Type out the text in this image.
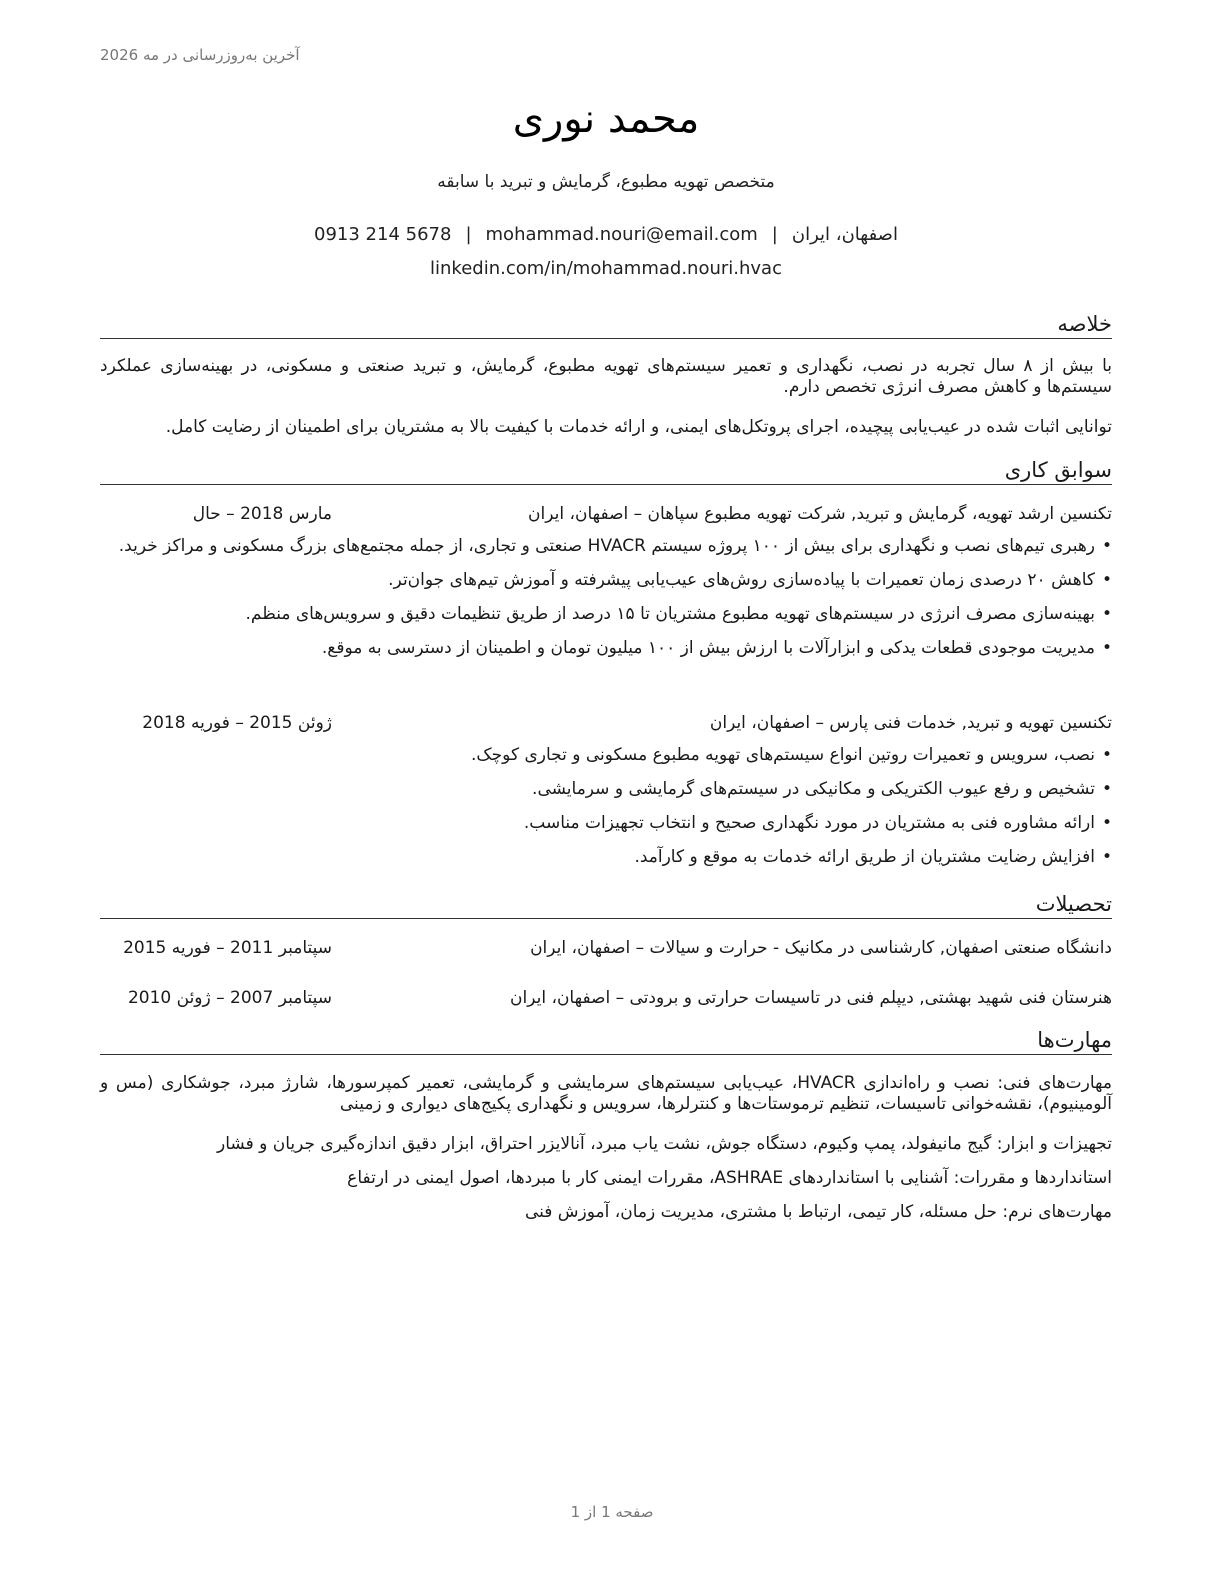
آخرین به‌روزرسانی در مه 2026
محمد نوری
متخصص تهویه مطبوع، گرمایش و تبرید با سابقه
اصفهان، ایران|mohammad.nouri@email.com|0913 214 5678
linkedin.com/in/mohammad.nouri.hvac
خلاصه
با بیش از ۸ سال تجربه در نصب، نگهداری و تعمیر سیستم‌های تهویه مطبوع، گرمایش، و تبرید صنعتی و مسکونی، در بهینه‌سازی عملکرد سیستم‌ها و کاهش مصرف انرژی تخصص دارم.
توانایی اثبات شده در عیب‌یابی پیچیده، اجرای پروتکل‌های ایمنی، و ارائه خدمات با کیفیت بالا به مشتریان برای اطمینان از رضایت کامل.
سوابق کاری
تکنسین ارشد تهویه، گرمایش و تبرید, شرکت تهویه مطبوع سپاهان – اصفهان، ایران
مارس 2018 – حال
• رهبری تیم‌های نصب و نگهداری برای بیش از ۱۰۰ پروژه سیستم HVACR صنعتی و تجاری، از جمله مجتمع‌های بزرگ مسکونی و مراکز خرید.
• کاهش ۲۰ درصدی زمان تعمیرات با پیاده‌سازی روش‌های عیب‌یابی پیشرفته و آموزش تیم‌های جوان‌تر.
• بهینه‌سازی مصرف انرژی در سیستم‌های تهویه مطبوع مشتریان تا ۱۵ درصد از طریق تنظیمات دقیق و سرویس‌های منظم.
• مدیریت موجودی قطعات یدکی و ابزارآلات با ارزش بیش از ۱۰۰ میلیون تومان و اطمینان از دسترسی به موقع.
تکنسین تهویه و تبرید, خدمات فنی پارس – اصفهان، ایران
ژوئن 2015 – فوریه 2018
• نصب، سرویس و تعمیرات روتین انواع سیستم‌های تهویه مطبوع مسکونی و تجاری کوچک.
• تشخیص و رفع عیوب الکتریکی و مکانیکی در سیستم‌های گرمایشی و سرمایشی.
• ارائه مشاوره فنی به مشتریان در مورد نگهداری صحیح و انتخاب تجهیزات مناسب.
• افزایش رضایت مشتریان از طریق ارائه خدمات به موقع و کارآمد.
تحصیلات
دانشگاه صنعتی اصفهان, کارشناسی در مکانیک - حرارت و سیالات – اصفهان، ایران
سپتامبر 2011 – فوریه 2015
هنرستان فنی شهید بهشتی, دیپلم فنی در تاسیسات حرارتی و برودتی – اصفهان، ایران
سپتامبر 2007 – ژوئن 2010
مهارت‌ها
مهارت‌های فنی: نصب و راه‌اندازی HVACR، عیب‌یابی سیستم‌های سرمایشی و گرمایشی، تعمیر کمپرسورها، شارژ مبرد، جوشکاری (مس و آلومینیوم)، نقشه‌خوانی تاسیسات، تنظیم ترموستات‌ها و کنترلرها، سرویس و نگهداری پکیج‌های دیواری و زمینی
تجهیزات و ابزار: گیج مانیفولد، پمپ وکیوم، دستگاه جوش، نشت یاب مبرد، آنالایزر احتراق، ابزار دقیق اندازه‌گیری جریان و فشار
استانداردها و مقررات: آشنایی با استانداردهای ASHRAE، مقررات ایمنی کار با مبردها، اصول ایمنی در ارتفاع
مهارت‌های نرم: حل مسئله، کار تیمی، ارتباط با مشتری، مدیریت زمان، آموزش فنی
صفحه 1 از 1
